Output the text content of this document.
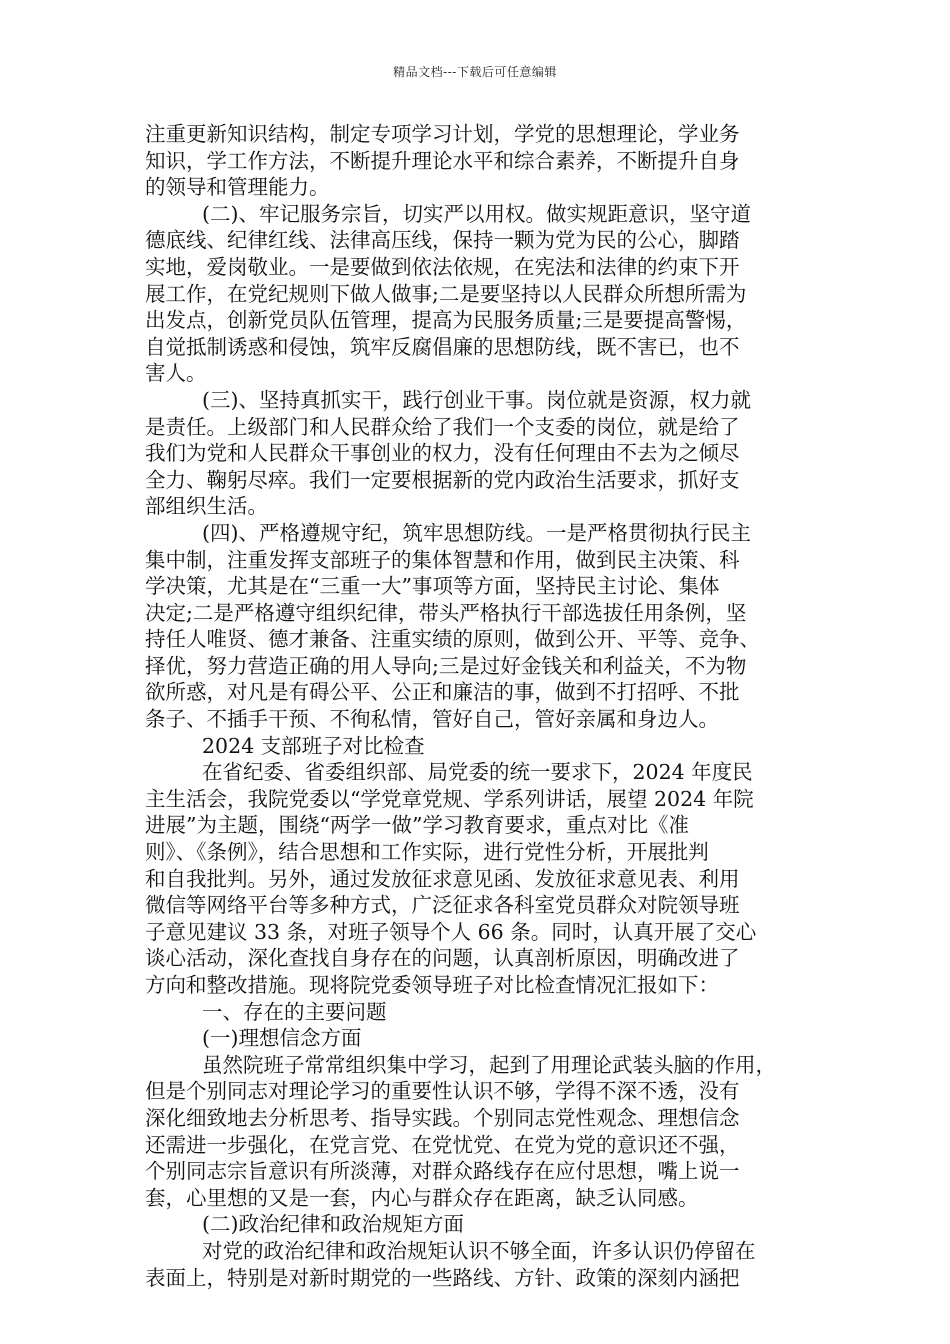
精品文档---下载后可任意编辑
注重更新知识结构，制定专项学习计划，学党的思想理论，学业务
知识，学工作方法，不断提升理论水平和综合素养，不断提升自身
的领导和管理能力。
(二)、牢记服务宗旨，切实严以用权。做实规距意识，坚守道
德底线、纪律红线、法律高压线，保持一颗为党为民的公心，脚踏
实地，爱岗敬业。一是要做到依法依规，在宪法和法律的约束下开
展工作，在党纪规则下做人做事;二是要坚持以人民群众所想所需为
出发点，创新党员队伍管理，提高为民服务质量;三是要提高警惕，
自觉抵制诱惑和侵蚀，筑牢反腐倡廉的思想防线，既不害已，也不
害人。
(三)、坚持真抓实干，践行创业干事。岗位就是资源，权力就
是责任。上级部门和人民群众给了我们一个支委的岗位，就是给了
我们为党和人民群众干事创业的权力，没有任何理由不去为之倾尽
全力、鞠躬尽瘁。我们一定要根据新的党内政治生活要求，抓好支
部组织生活。
(四)、严格遵规守纪，筑牢思想防线。一是严格贯彻执行民主
集中制，注重发挥支部班子的集体智慧和作用，做到民主决策、科
学决策，尤其是在“三重一大”事项等方面，坚持民主讨论、集体
决定;二是严格遵守组织纪律，带头严格执行干部选拔任用条例，坚
持任人唯贤、德才兼备、注重实绩的原则，做到公开、平等、竞争、
择优，努力营造正确的用人导向;三是过好金钱关和利益关，不为物
欲所惑，对凡是有碍公平、公正和廉洁的事，做到不打招呼、不批
条子、不插手干预、不徇私情，管好自己，管好亲属和身边人。
2024 支部班子对比检查
在省纪委、省委组织部、局党委的统一要求下，2024 年度民
主生活会，我院党委以“学党章党规、学系列讲话，展望 2024 年院
进展”为主题，围绕“两学一做”学习教育要求，重点对比《准
则》、《条例》，结合思想和工作实际，进行党性分析，开展批判
和自我批判。另外，通过发放征求意见函、发放征求意见表、利用
微信等网络平台等多种方式，广泛征求各科室党员群众对院领导班
子意见建议 33 条，对班子领导个人 66 条。同时，认真开展了交心
谈心活动，深化查找自身存在的问题，认真剖析原因，明确改进了
方向和整改措施。现将院党委领导班子对比检查情况汇报如下：
一、存在的主要问题
(一)理想信念方面
虽然院班子常常组织集中学习，起到了用理论武装头脑的作用，
但是个别同志对理论学习的重要性认识不够，学得不深不透，没有
深化细致地去分析思考、指导实践。个别同志党性观念、理想信念
还需进一步强化，在党言党、在党忧党、在党为党的意识还不强，
个别同志宗旨意识有所淡薄，对群众路线存在应付思想，嘴上说一
套，心里想的又是一套，内心与群众存在距离，缺乏认同感。
(二)政治纪律和政治规矩方面
对党的政治纪律和政治规矩认识不够全面，许多认识仍停留在
表面上，特别是对新时期党的一些路线、方针、政策的深刻内涵把
